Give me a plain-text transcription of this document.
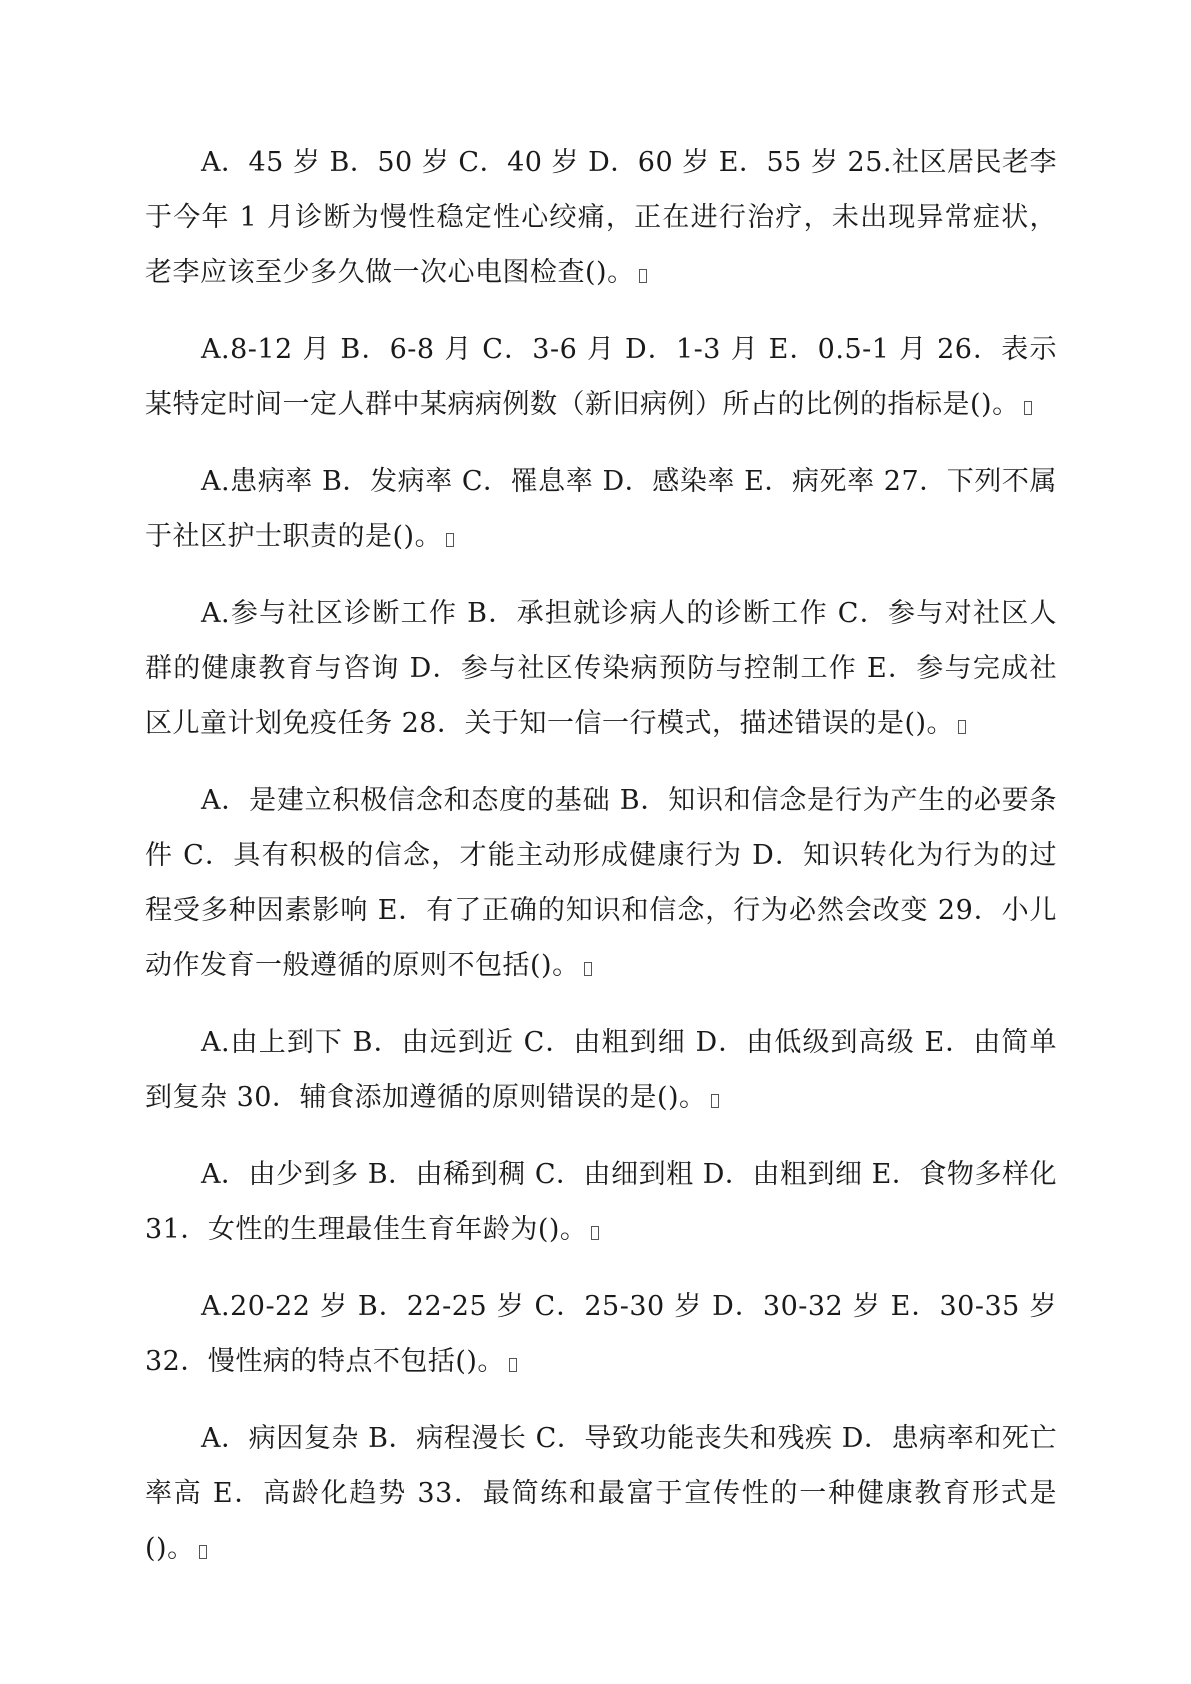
A．45 岁 B．50 岁 C．40 岁 D．60 岁 E．55 岁 25.社区居民老李于今年 1 月诊断为慢性稳定性心绞痛，正在进行治疗，未出现异常症状，老李应该至少多久做一次心电图检查()。

A.8-12 月 B．6-8 月 C．3-6 月 D．1-3 月 E．0.5-1 月 26．表示某特定时间一定人群中某病病例数（新旧病例）所占的比例的指标是()。

A.患病率 B．发病率 C．罹息率 D．感染率 E．病死率 27．下列不属于社区护士职责的是()。

A.参与社区诊断工作 B．承担就诊病人的诊断工作 C．参与对社区人群的健康教育与咨询 D．参与社区传染病预防与控制工作 E．参与完成社区儿童计划免疫任务 28．关于知一信一行模式，描述错误的是()。

A．是建立积极信念和态度的基础 B．知识和信念是行为产生的必要条件 C．具有积极的信念，才能主动形成健康行为 D．知识转化为行为的过程受多种因素影响 E．有了正确的知识和信念，行为必然会改变 29．小儿动作发育一般遵循的原则不包括()。

A.由上到下 B．由远到近 C．由粗到细 D．由低级到高级 E．由简单到复杂 30．辅食添加遵循的原则错误的是()。

A．由少到多 B．由稀到稠 C．由细到粗 D．由粗到细 E．食物多样化 31．女性的生理最佳生育年龄为()。

A.20-22 岁 B．22-25 岁 C．25-30 岁 D．30-32 岁 E．30-35 岁 32．慢性病的特点不包括()。

A．病因复杂 B．病程漫长 C．导致功能丧失和残疾 D．患病率和死亡率高 E．高龄化趋势 33．最简练和最富于宣传性的一种健康教育形式是()。
